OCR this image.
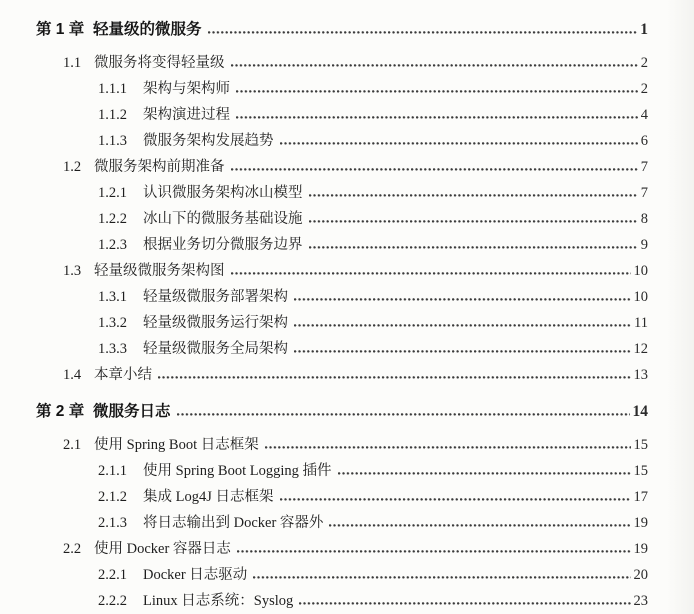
第 1 章 轻量级的微服务	1
1.1 微服务将变得轻量级	2
1.1.1	架构与架构师	2
1.1.2	架构演进过程	4
1.1.3	微服务架构发展趋势	6
1.2 微服务架构前期准备	7
1.2.1	认识微服务架构冰山模型	7
1.2.2	冰山下的微服务基础设施	8
1.2.3	根据业务切分微服务边界	9
1.3 轻量级微服务架构图	10
1.3.1	轻量级微服务部署架构	10
1.3.2	轻量级微服务运行架构	11
1.3.3	轻量级微服务全局架构	12
1.4 本章小结	13
第 2 章 微服务日志	14
2.1 使用 Spring Boot 日志框架	15
2.1.1	使用 Spring Boot Logging 插件	15
2.1.2	集成 Log4J 日志框架	17
2.1.3	将日志输出到 Docker 容器外	19
2.2 使用 Docker 容器日志	19
2.2.1	Docker 日志驱动	20
2.2.2	Linux 日志系统：Syslog	23
